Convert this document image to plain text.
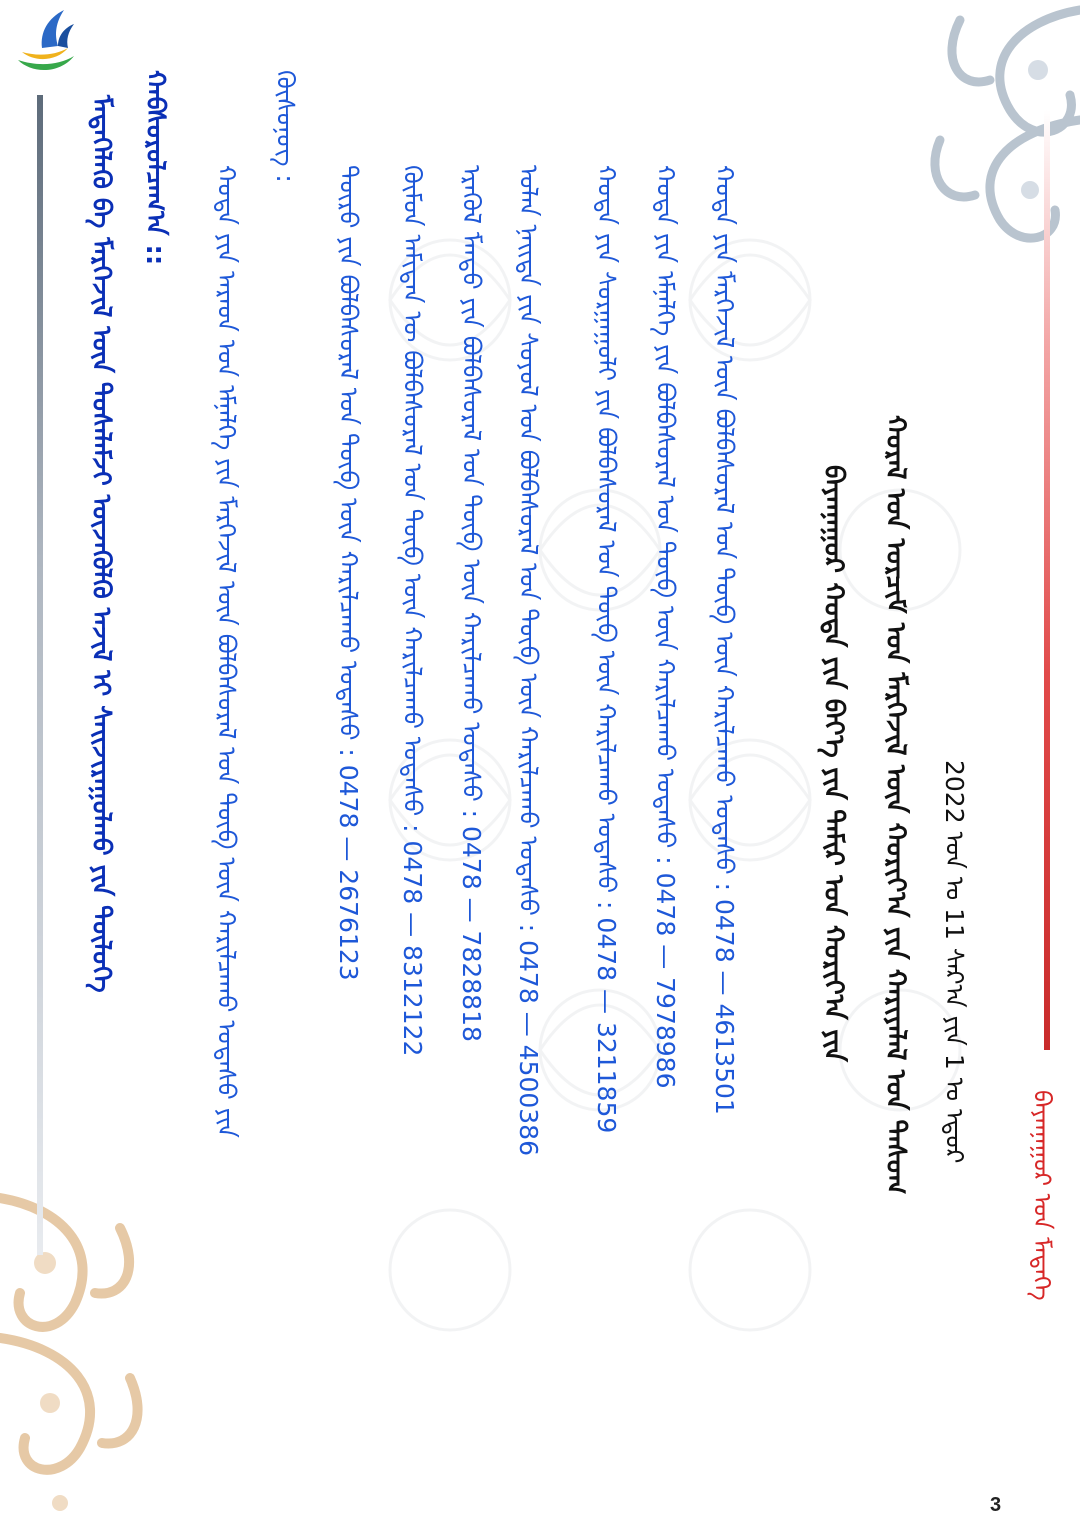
ᠮᠡᠳᠡᠭᠡᠯᠡᠬᠦ ᠪᠠ ᠮᠡᠷᠭᠡᠵᠢᠯ ᠦᠨ ᠲᠤᠰᠠᠯᠠᠮᠵᠢ ᠦᠵᠡᠭᠦᠯᠬᠦ ᠠᠵᠢᠯ ᠢ ᠰᠠᠢᠵᠢᠷᠠᠭᠤᠯᠬᠤ ᠶᠢᠨ ᠲᠥᠯᠥᠭᠡ ᠬᠠᠪᠰᠤᠷᠤᠯᠴᠠᠭ᠎ᠠ ::	ᠬᠣᠲᠠ ᠶᠢᠨ ᠮᠡᠷᠭᠡᠵᠢᠯ ᠦᠨ ᠪᠣᠯᠪᠠᠰᠤᠷᠠᠯ ᠤᠨ ᠲᠦᠪ ᠦᠨ ᠬᠠᠷᠢᠯᠴᠠᠬᠤ ᠤᠳᠠᠰᠤ : 0478 — 4613501
ᠬᠣᠲᠠ ᠶᠢᠨ ᠡᠮᠨᠡᠯᠭᠡ ᠶᠢᠨ ᠪᠣᠯᠪᠠᠰᠤᠷᠠᠯ ᠤᠨ ᠲᠦᠪ ᠦᠨ ᠬᠠᠷᠢᠯᠴᠠᠬᠤ ᠤᠳᠠᠰᠤ : 0478 — 7978986
ᠬᠣᠲᠠ ᠶᠢᠨ ᠰᠤᠷᠭᠠᠭᠤᠯᠢ ᠶᠢᠨ ᠪᠣᠯᠪᠠᠰᠤᠷᠠᠯ ᠤᠨ ᠲᠦᠪ ᠦᠨ ᠬᠠᠷᠢᠯᠴᠠᠬᠤ ᠤᠳᠠᠰᠤ : 0478 — 3211859
ᠣᠯᠠᠨ ᠨᠡᠢᠲᠡ ᠶᠢᠨ ᠰᠣᠶᠣᠯ ᠤᠨ ᠪᠣᠯᠪᠠᠰᠤᠷᠠᠯ ᠤᠨ ᠲᠦᠪ ᠦᠨ ᠬᠠᠷᠢᠯᠴᠠᠬᠤ ᠤᠳᠠᠰᠤ : 0478 — 4500386
ᠡᠷᠡᠭᠦᠯ ᠮᠡᠨᠳᠦ ᠶᠢᠨ ᠪᠣᠯᠪᠠᠰᠤᠷᠠᠯ ᠤᠨ ᠲᠦᠪ ᠦᠨ ᠬᠠᠷᠢᠯᠴᠠᠬᠤ ᠤᠳᠠᠰᠤ : 0478 — 7828818
ᠬᠦᠮᠦᠨ ᠠᠮᠢᠲᠠᠨ ᠦ ᠪᠣᠯᠪᠠᠰᠤᠷᠠᠯ ᠤᠨ ᠲᠦᠪ ᠦᠨ ᠬᠠᠷᠢᠯᠴᠠᠬᠤ ᠤᠳᠠᠰᠤ : 0478 — 8312122
ᠲᠥᠷᠥ ᠶᠢᠨ ᠪᠣᠯᠪᠠᠰᠤᠷᠠᠯ ᠤᠨ ᠲᠦᠪ ᠦᠨ ᠬᠠᠷᠢᠯᠴᠠᠬᠤ ᠤᠳᠠᠰᠤ : 0478 — 2676123
ᠬᠣᠲᠠ ᠶᠢᠨ ᠠᠷᠠᠳ ᠤᠨ ᠡᠮᠨᠡᠯᠭᠡ ᠶᠢᠨ ᠮᠡᠷᠭᠡᠵᠢᠯ ᠦᠨ ᠪᠣᠯᠪᠠᠰᠤᠷᠠᠯ ᠤᠨ ᠲᠦᠪ ᠦᠨ ᠬᠠᠷᠢᠯᠴᠠᠬᠤ ᠤᠳᠠᠰᠤ ᠶᠢᠨ
ᠬᠦᠰᠦᠨᠦᠭ :
ᠪᠠᠶᠠᠨᠨᠠᠭᠤᠷ ᠬᠣᠲᠠ ᠶᠢᠨ ᠪᠡᠶ᠎ᠡ ᠶᠢᠨ ᠲᠠᠮᠢᠷ ᠤᠨ ᠬᠣᠷᠢᠶ᠎ᠠ ᠶᠢᠨ ᠬᠤᠷᠠᠯ ᠤᠨ ᠣᠷᠴᠢᠮ ᠤᠨ ᠮᠡᠷᠭᠡᠵᠢᠯ ᠦᠨ ᠬᠣᠷᠢᠶ᠎ᠠ ᠶᠢᠨ ᠬᠠᠷᠢᠶᠠᠯᠠᠯ ᠤᠨ ᠲᠠᠰᠤᠭ 2022 ᠣᠨ ᠤ 11 ᠰᠠᠷ᠎ᠠ ᠶᠢᠨ 1 ᠤ ᠡᠳᠦᠷ ᠪᠠᠶᠠᠨᠨᠠᠭᠤᠷ ᠤᠨ ᠮᠡᠳᠡᠭᠡ
3
